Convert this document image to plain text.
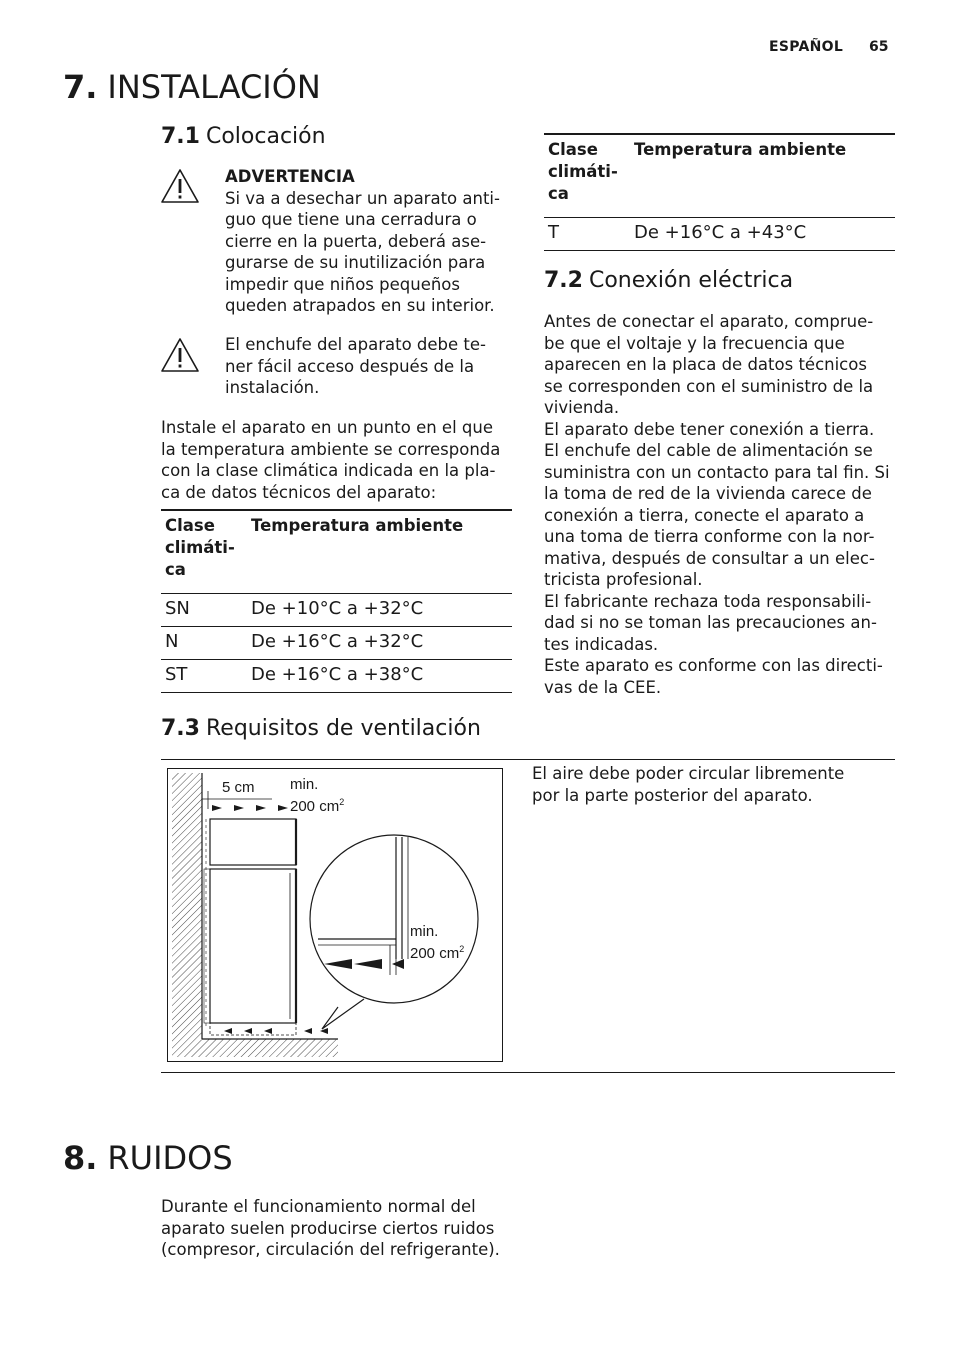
ESPAÑOL 65
7. INSTALACIÓN
7.1 Colocación
ADVERTENCIA

Si va a desechar un aparato anti-

guo que tiene una cerradura o

cierre en la puerta, deberá ase-

gurarse de su inutilización para

impedir que niños pequeños

queden atrapados en su interior.

El enchufe del aparato debe te-

ner fácil acceso después de la

instalación.

Instale el aparato en un punto en el que

la temperatura ambiente se corresponda

con la clase climática indicada en la pla-

ca de datos técnicos del aparato:

Clase
climáti-
ca	Temperatura ambiente
SN	De +10°C a +32°C
N	De +16°C a +32°C
ST	De +16°C a +38°C
Clase
climáti-
ca	Temperatura ambiente
T	De +16°C a +43°C
7.2 Conexión eléctrica

Antes de conectar el aparato, comprue-

be que el voltaje y la frecuencia que

aparecen en la placa de datos técnicos

se corresponden con el suministro de la

vivienda.

El aparato debe tener conexión a tierra.

El enchufe del cable de alimentación se

suministra con un contacto para tal fin. Si

la toma de red de la vivienda carece de

conexión a tierra, conecte el aparato a

una toma de tierra conforme con la nor-

mativa, después de consultar a un elec-

tricista profesional.

El fabricante rechaza toda responsabili-

dad si no se toman las precauciones an-

tes indicadas.

Este aparato es conforme con las directi-

vas de la CEE.

7.3 Requisitos de ventilación
5 cm min.
200 $cm^2$
min.
200 $cm^2$

El aire debe poder circular libremente

por la parte posterior del aparato.

8. RUIDOS

Durante el funcionamiento normal del

aparato suelen producirse ciertos ruidos

(compresor, circulación del refrigerante).
